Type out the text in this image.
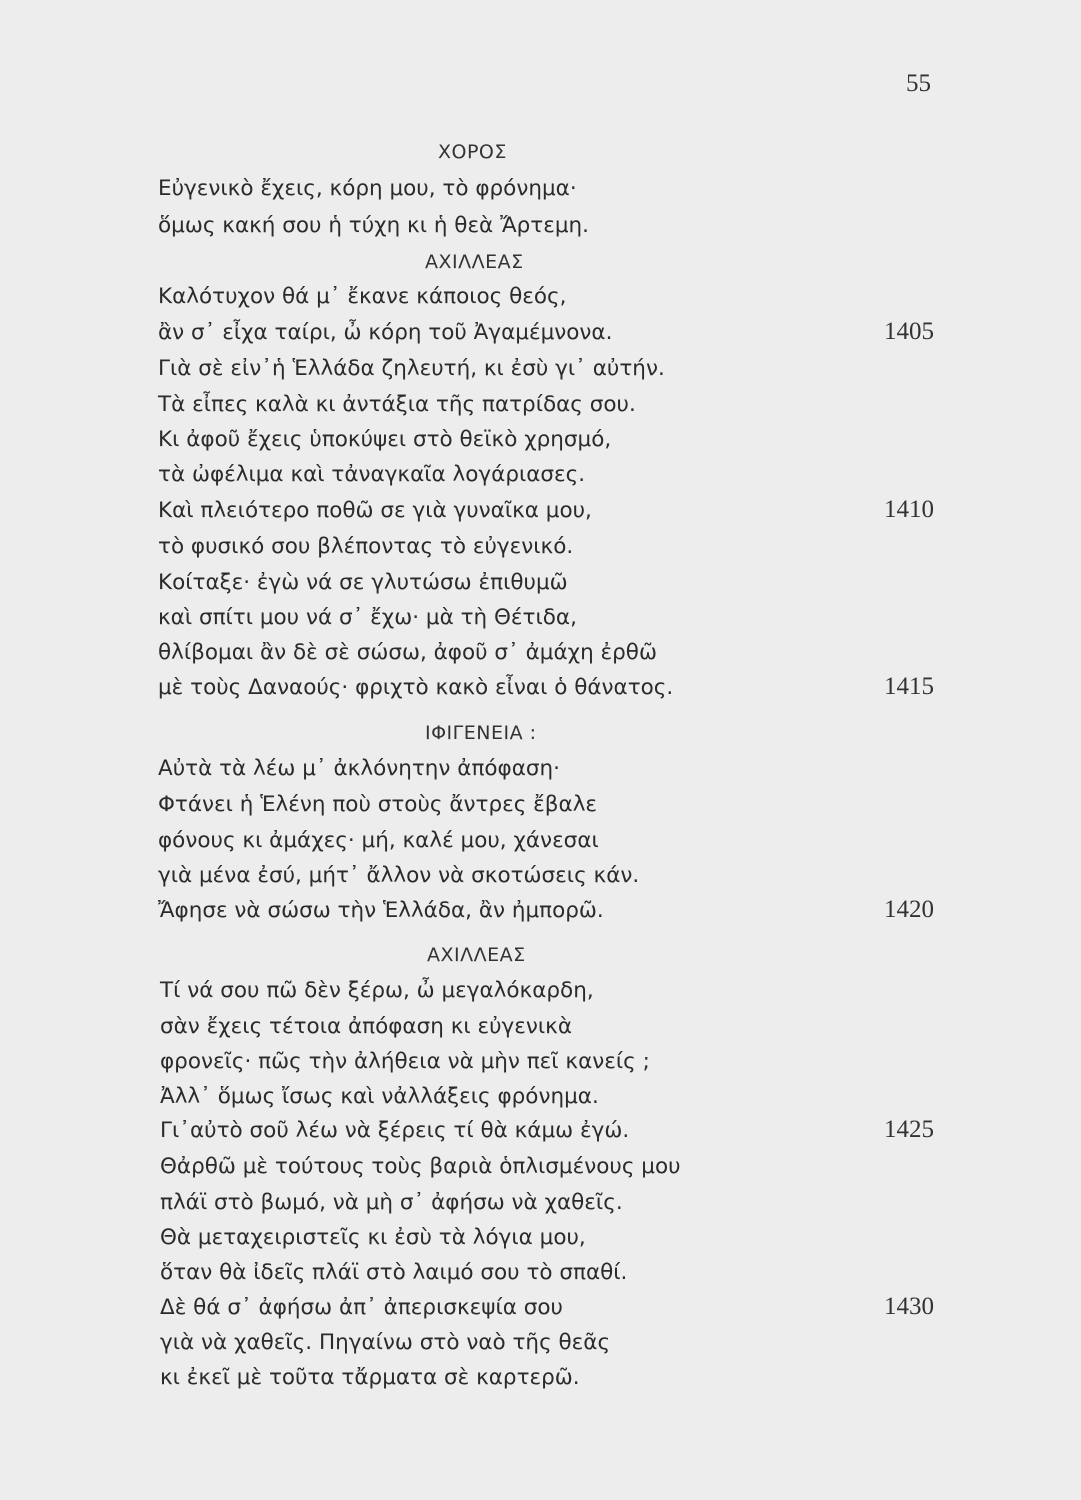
55
ΧΟΡΟΣ
Εὐγενικὸ ἔχεις, κόρη μου, τὸ φρόνημα·
ὅμως κακή σου ἡ τύχη κι ἡ θεὰ Ἄρτεμη.
ΑΧΙΛΛΕΑΣ
Καλότυχον θά μ᾽ ἔκανε κάποιος θεός,
ἂν σ᾽ εἶχα ταίρι, ὦ κόρη τοῦ Ἀγαμέμνονα.	1405
Γιὰ σὲ εἰν᾽ἡ Ἑλλάδα ζηλευτή, κι ἐσὺ γι᾽ αὐτήν.
Τὰ εἶπες καλὰ κι ἀντάξια τῆς πατρίδας σου.
Κι ἀφοῦ ἔχεις ὑποκύψει στὸ θεϊκὸ χρησμό,
τὰ ὠφέλιμα καὶ τἀναγκαῖα λογάριασες.
Καὶ πλειότερο ποθῶ σε γιὰ γυναῖκα μου,	1410
τὸ φυσικό σου βλέποντας τὸ εὐγενικό.
Κοίταξε· ἐγὼ νά σε γλυτώσω ἐπιθυμῶ
καὶ σπίτι μου νά σ᾽ ἔχω· μὰ τὴ Θέτιδα,
θλίβομαι ἂν δὲ σὲ σώσω, ἀφοῦ σ᾽ ἀμάχη ἐρθῶ
μὲ τοὺς Δαναούς· φριχτὸ κακὸ εἶναι ὁ θάνατος.	1415
ΙΦΙΓΕΝΕΙΑ :
Αὐτὰ τὰ λέω μ᾽ ἀκλόνητην ἀπόφαση·
Φτάνει ἡ Ἑλένη ποὺ στοὺς ἄντρες ἔβαλε
φόνους κι ἀμάχες· μή, καλέ μου, χάνεσαι
γιὰ μένα ἐσύ, μήτ᾽ ἄλλον νὰ σκοτώσεις κάν.
Ἄφησε νὰ σώσω τὴν Ἑλλάδα, ἂν ἠμπορῶ.	1420
ΑΧΙΛΛΕΑΣ
Τί νά σου πῶ δὲν ξέρω, ὦ μεγαλόκαρδη,
σὰν ἔχεις τέτοια ἀπόφαση κι εὐγενικὰ
φρονεῖς· πῶς τὴν ἀλήθεια νὰ μὴν πεῖ κανείς ;
Ἀλλ᾽ ὅμως ἴσως καὶ νἀλλάξεις φρόνημα.
Γι᾽αὐτὸ σοῦ λέω νὰ ξέρεις τί θὰ κάμω ἐγώ.	1425
Θἀρθῶ μὲ τούτους τοὺς βαριὰ ὁπλισμένους μου
πλάϊ στὸ βωμό, νὰ μὴ σ᾽ ἀφήσω νὰ χαθεῖς.
Θὰ μεταχειριστεῖς κι ἐσὺ τὰ λόγια μου,
ὅταν θὰ ἰδεῖς πλάϊ στὸ λαιμό σου τὸ σπαθί.
Δὲ θά σ᾽ ἀφήσω ἀπ᾽ ἀπερισκεψία σου	1430
γιὰ νὰ χαθεῖς. Πηγαίνω στὸ ναὸ τῆς θεᾶς
κι ἐκεῖ μὲ τοῦτα τἄρματα σὲ καρτερῶ.
